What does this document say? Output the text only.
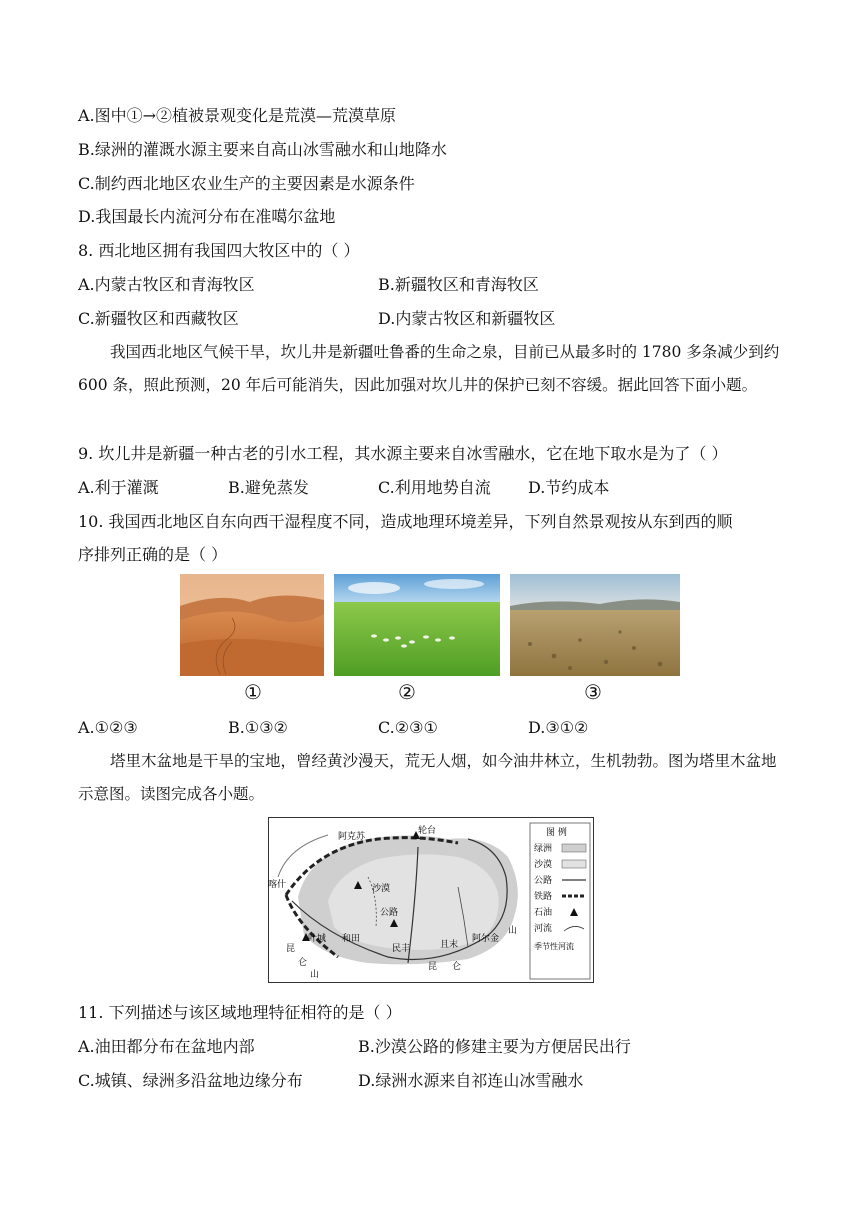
A.图中①→②植被景观变化是荒漠—荒漠草原
B.绿洲的灌溉水源主要来自高山冰雪融水和山地降水
C.制约西北地区农业生产的主要因素是水源条件
D.我国最长内流河分布在准噶尔盆地
8. 西北地区拥有我国四大牧区中的（ ）
A.内蒙古牧区和青海牧区	B.新疆牧区和青海牧区
C.新疆牧区和西藏牧区	D.内蒙古牧区和新疆牧区
我国西北地区气候干旱，坎儿井是新疆吐鲁番的生命之泉，目前已从最多时的 1780 多条减少到约 600 条，照此预测，20 年后可能消失，因此加强对坎儿井的保护已刻不容缓。据此回答下面小题。
9. 坎儿井是新疆一种古老的引水工程，其水源主要来自冰雪融水，它在地下取水是为了（ ）
A.利于灌溉	B.避免蒸发	C.利用地势自流 D.节约成本
10. 我国西北地区自东向西干湿程度不同，造成地理环境差异，下列自然景观按从东到西的顺
序排列正确的是（ ）
①	②	③
A.①②③	B.①③②	C.②③①	D.③①②
塔里木盆地是干旱的宝地，曾经黄沙漫天，荒无人烟，如今油井林立，生机勃勃。图为塔里木盆地示意图。读图完成各小题。
阿克苏
轮台
喀什	沙漠
公路
叶城 和田
民丰	且末
阿尔金
山
昆
仑
山
昆 仑
图 例
绿洲
沙漠
公路
铁路
石油
河流
季节性河流
11. 下列描述与该区域地理特征相符的是（ ）
A.油田都分布在盆地内部	B.沙漠公路的修建主要为方便居民出行
C.城镇、绿洲多沿盆地边缘分布	D.绿洲水源来自祁连山冰雪融水
